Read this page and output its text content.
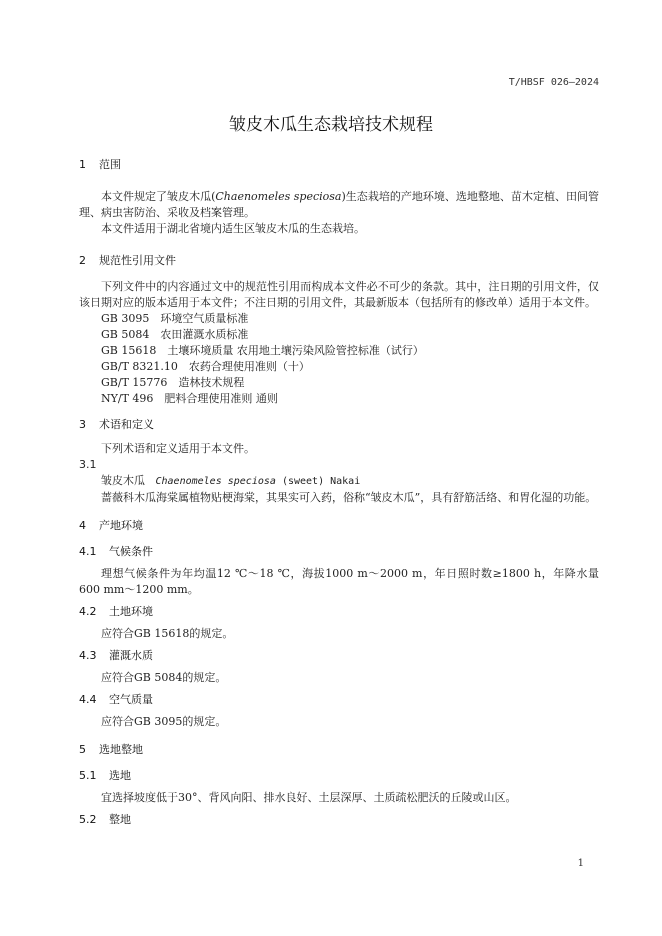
T/HBSF 026—2024
皱皮木瓜生态栽培技术规程
1 范围

本文件规定了皱皮木瓜(Chaenomeles speciosa)生态栽培的产地环境、选地整地、苗木定植、田间管理、病虫害防治、采收及档案管理。

本文件适用于湖北省境内适生区皱皮木瓜的生态栽培。

2 规范性引用文件

下列文件中的内容通过文中的规范性引用而构成本文件必不可少的条款。其中，注日期的引用文件，仅该日期对应的版本适用于本文件；不注日期的引用文件，其最新版本（包括所有的修改单）适用于本文件。

GB 3095　环境空气质量标准

GB 5084　农田灌溉水质标准

GB 15618　土壤环境质量 农用地土壤污染风险管控标准（试行）

GB/T 8321.10　农药合理使用准则（十）

GB/T 15776　造林技术规程

NY/T 496　肥料合理使用准则 通则

3 术语和定义

下列术语和定义适用于本文件。

3.1

皱皮木瓜 Chaenomeles speciosa (sweet) Nakai

蔷薇科木瓜海棠属植物贴梗海棠，其果实可入药，俗称“皱皮木瓜”，具有舒筋活络、和胃化湿的功能。

4 产地环境
4.1 气候条件

理想气候条件为年均温12 ℃～18 ℃，海拔1000 m～2000 m，年日照时数≥1800 h，年降水量600 mm～1200 mm。

4.2 土地环境

应符合GB 15618的规定。

4.3 灌溉水质

应符合GB 5084的规定。

4.4 空气质量

应符合GB 3095的规定。

5 选地整地
5.1 选地

宜选择坡度低于30°、背风向阳、排水良好、土层深厚、土质疏松肥沃的丘陵或山区。

5.2 整地
1
